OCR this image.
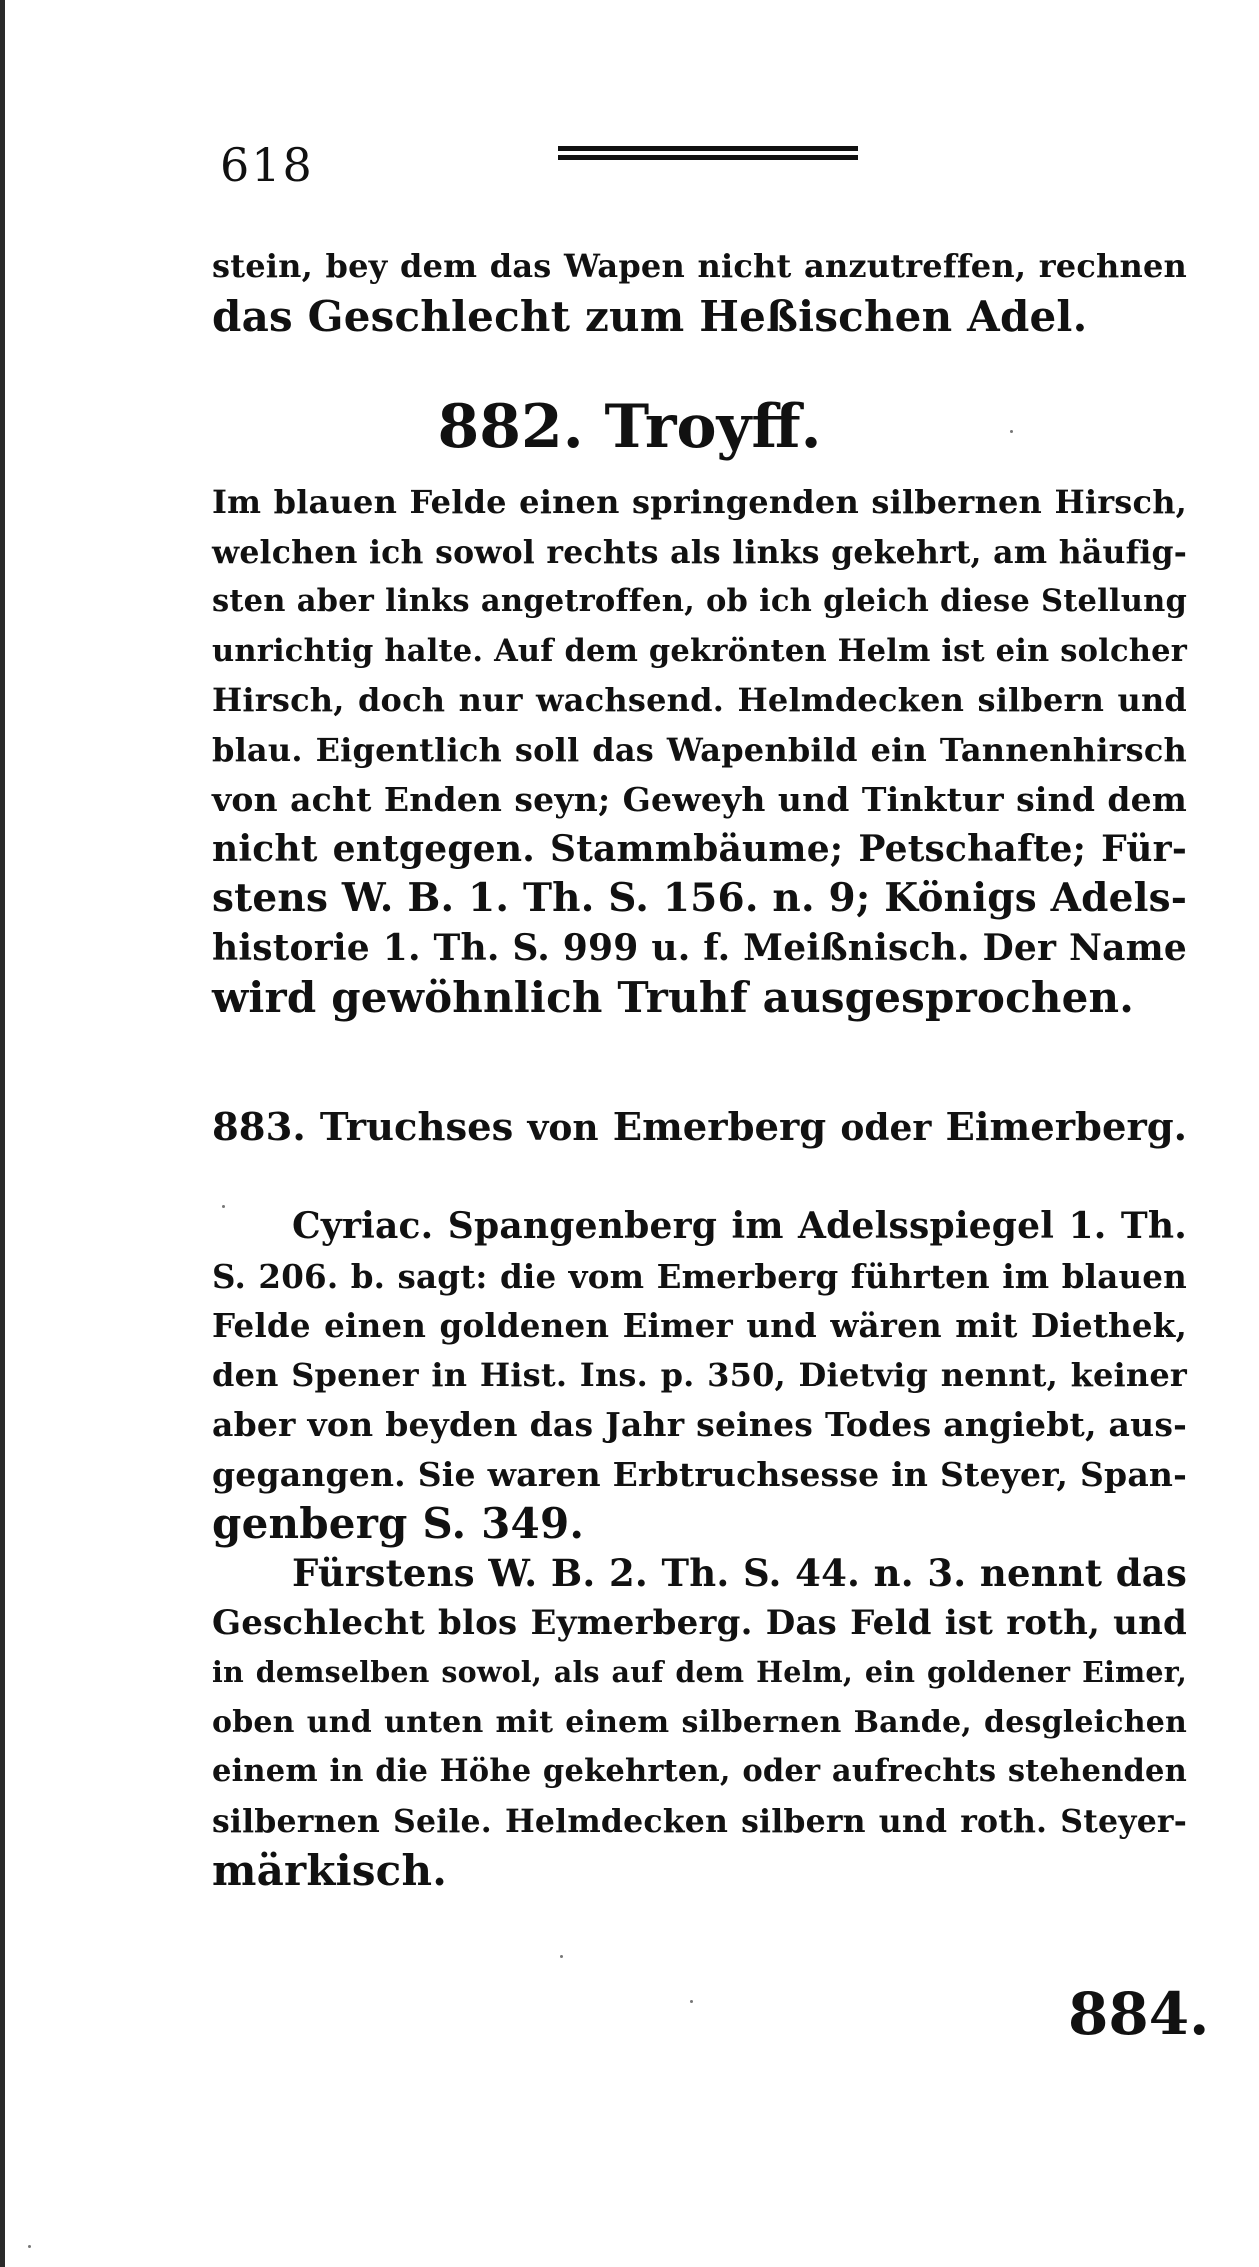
618
stein, bey dem das Wapen nicht anzutreffen, rechnen
das Geschlecht zum Heßischen Adel.
882. Troyff.
Im blauen Felde einen springenden silbernen Hirsch,
welchen ich sowol rechts als links gekehrt, am häufig-
sten aber links angetroffen, ob ich gleich diese Stellung
unrichtig halte. Auf dem gekrönten Helm ist ein solcher
Hirsch, doch nur wachsend. Helmdecken silbern und
blau. Eigentlich soll das Wapenbild ein Tannenhirsch
von acht Enden seyn; Geweyh und Tinktur sind dem
nicht entgegen. Stammbäume; Petschafte; Für-
stens W. B. 1. Th. S. 156. n. 9; Königs Adels-
historie 1. Th. S. 999 u. f. Meißnisch. Der Name
wird gewöhnlich Truhf ausgesprochen.
883. Truchses von Emerberg oder Eimerberg.
Cyriac. Spangenberg im Adelsspiegel 1. Th.
S. 206. b. sagt: die vom Emerberg führten im blauen
Felde einen goldenen Eimer und wären mit Diethek,
den Spener in Hist. Ins. p. 350, Dietvig nennt, keiner
aber von beyden das Jahr seines Todes angiebt, aus-
gegangen. Sie waren Erbtruchsesse in Steyer, Span-
genberg S. 349.
Fürstens W. B. 2. Th. S. 44. n. 3. nennt das
Geschlecht blos Eymerberg. Das Feld ist roth, und
in demselben sowol, als auf dem Helm, ein goldener Eimer,
oben und unten mit einem silbernen Bande, desgleichen
einem in die Höhe gekehrten, oder aufrechts stehenden
silbernen Seile. Helmdecken silbern und roth. Steyer-
märkisch.
884.
